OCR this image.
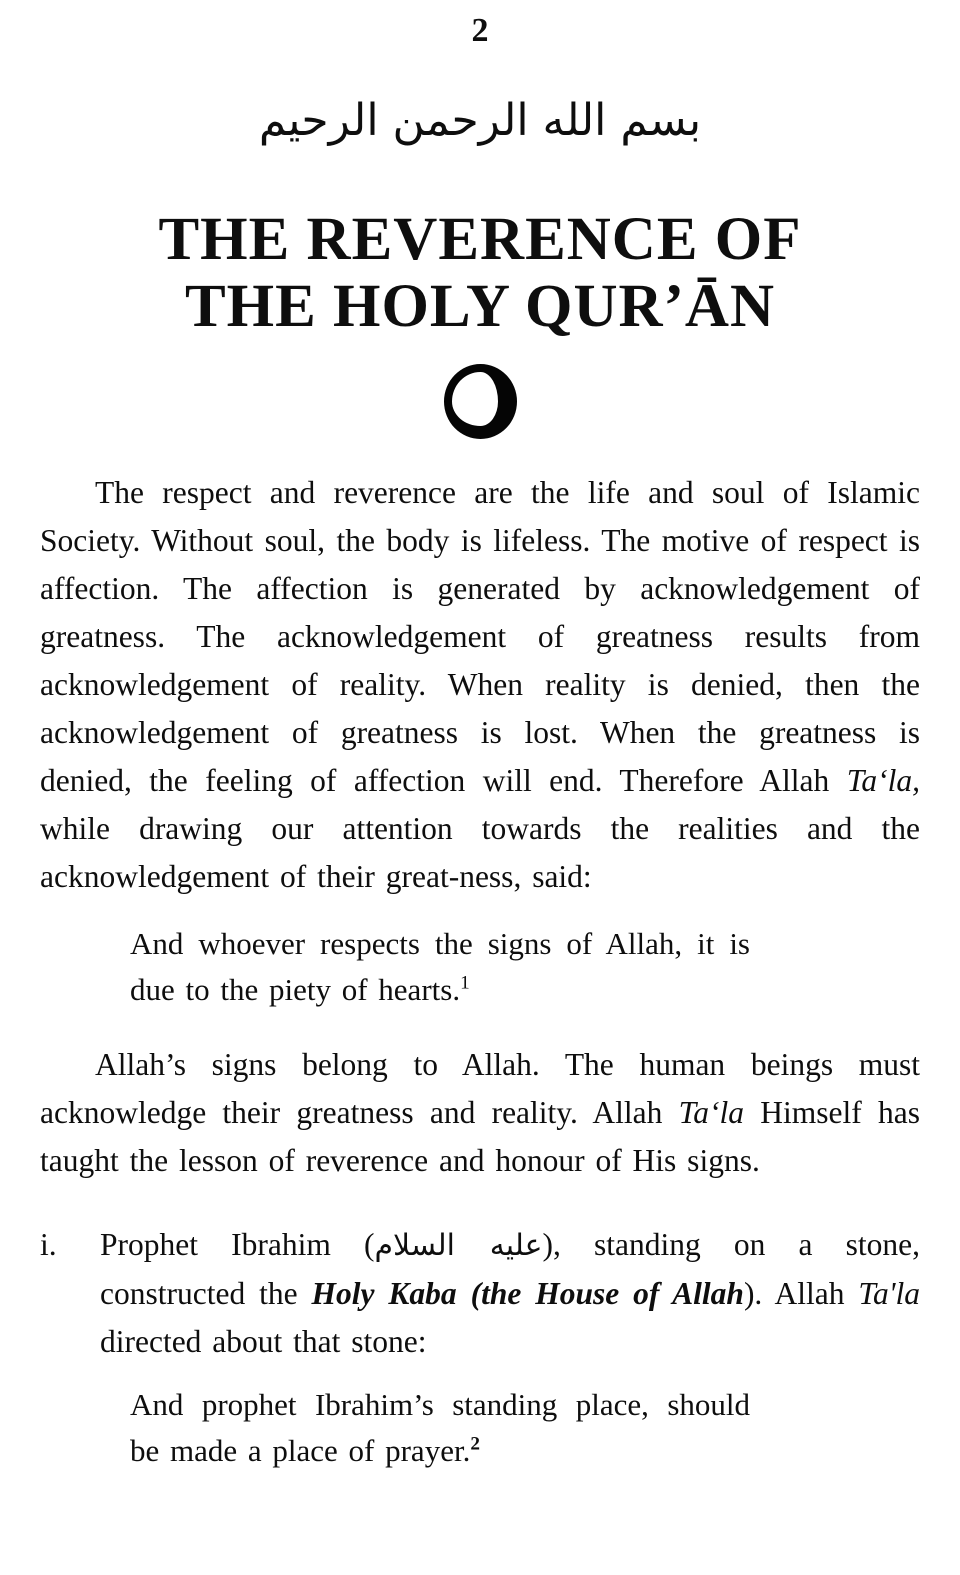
2
بسم الله الرحمن الرحيم
THE REVERENCE OF
THE HOLY QUR’ĀN

The respect and reverence are the life and soul of Islamic Society. Without soul, the body is lifeless. The motive of respect is affection. The affection is generated by acknowledgement of greatness. The acknowledgement of greatness results from acknowledgement of reality. When reality is denied, then the acknowledgement of greatness is lost. When the greatness is denied, the feeling of affection will end. Therefore Allah Ta‘la, while drawing our attention towards the realities and the acknowledgement of their great-ness, said:

And whoever respects the signs of Allah, it is due to the piety of hearts.$^1$

Allah’s signs belong to Allah. The human beings must acknowledge their greatness and reality. Allah Ta‘la Himself has taught the lesson of reverence and honour of His signs.

i.	Prophet Ibrahim (عليه السلام), standing on a stone, constructed the Holy Kaba (the House of Allah). Allah Ta'la directed about that stone:
And prophet Ibrahim’s standing place, should be made a place of prayer.$^2$
